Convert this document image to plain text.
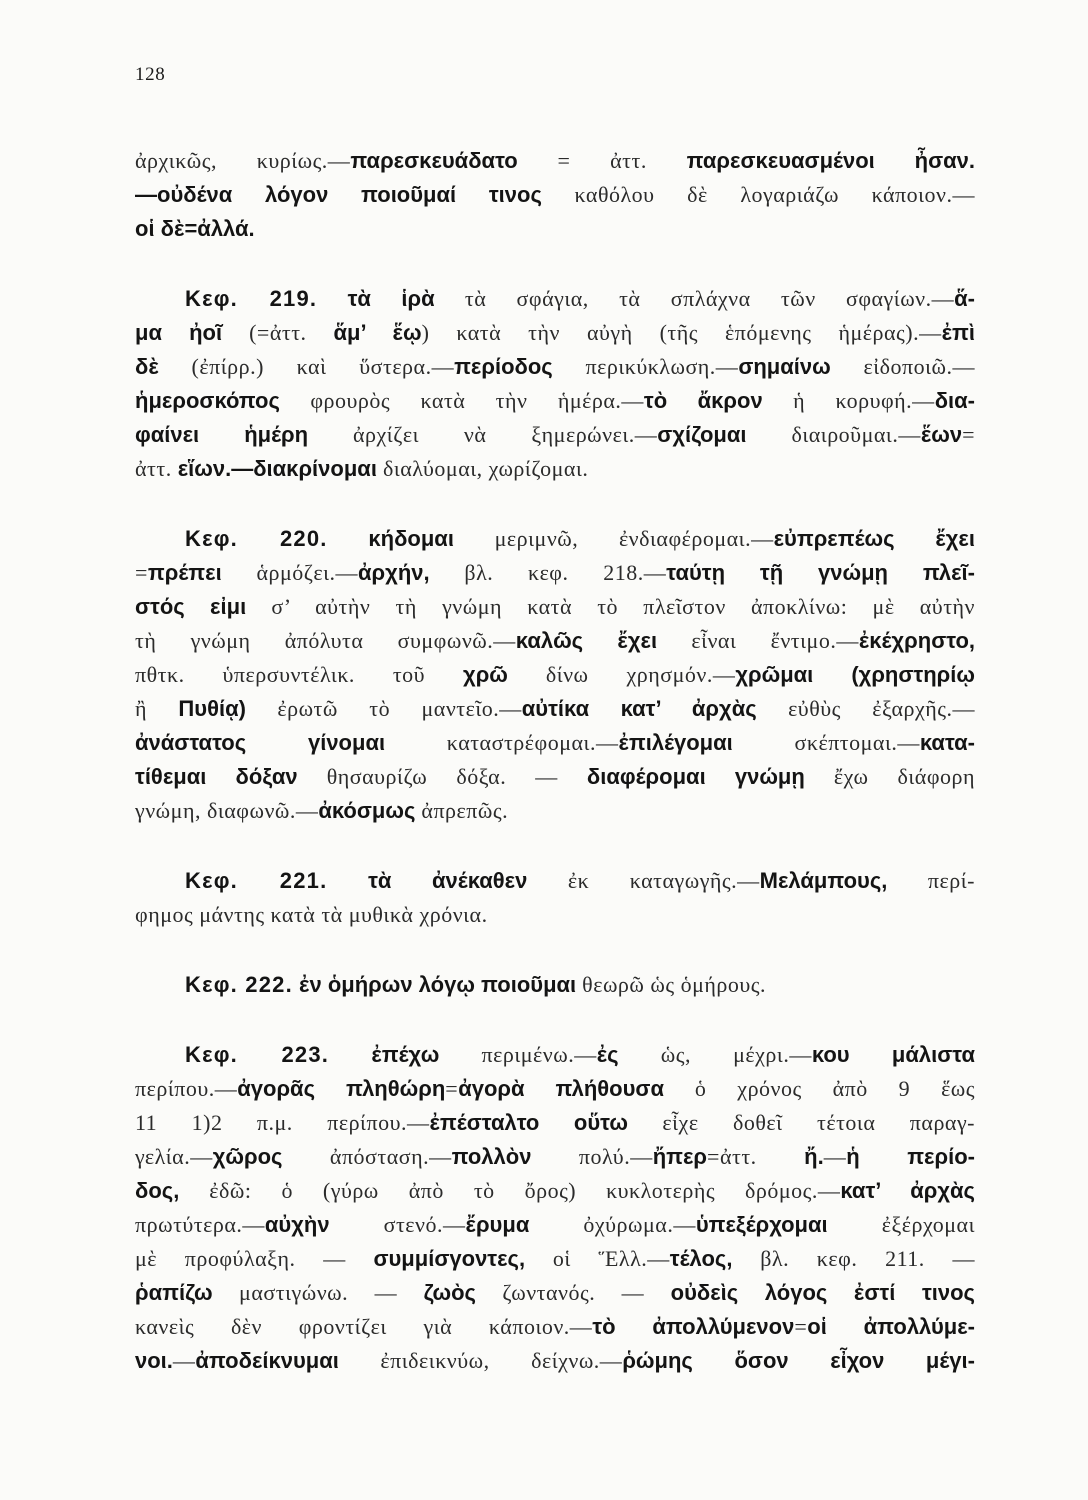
128
ἀρχικῶς, κυρίως.—παρεσκευάδατο = ἀττ. παρεσκευασμένοι ἦσαν.
—οὐδένα λόγον ποιοῦμαί τινος καθόλου δὲ λογαριάζω κάποιον.—
οἱ δὲ=ἀλλά.
Κεφ. 219. τὰ ἱρὰ τὰ σφάγια, τὰ σπλάχνα τῶν σφαγίων.—ἅ-
μα ἠοῖ (=ἀττ. ἅμ’ ἕῳ) κατὰ τὴν αὐγὴ (τῆς ἑπόμενης ἡμέρας).—ἐπὶ
δὲ (ἐπίρρ.) καὶ ὕστερα.—περίοδος περικύκλωση.—σημαίνω εἰδοποιῶ.—
ἡμεροσκόπος φρουρὸς κατὰ τὴν ἡμέρα.—τὸ ἄκρον ἡ κορυφή.—δια-
φαίνει ἡμέρη ἀρχίζει νὰ ξημερώνει.—σχίζομαι διαιροῦμαι.—ἕων=
ἀττ. εἵων.—διακρίνομαι διαλύομαι, χωρίζομαι.
Κεφ. 220. κήδομαι μεριμνῶ, ἐνδιαφέρομαι.—εὐπρεπέως ἔχει
=πρέπει ἁρμόζει.—ἀρχήν, βλ. κεφ. 218.—ταύτῃ τῇ γνώμῃ πλεῖ-
στός εἰμι σ’ αὐτὴν τὴ γνώμη κατὰ τὸ πλεῖστον ἀποκλίνω: μὲ αὐτὴν
τὴ γνώμη ἀπόλυτα συμφωνῶ.—καλῶς ἔχει εἶναι ἔντιμο.—ἐκέχρηστο,
πθτκ. ὑπερσυντέλικ. τοῦ χρῶ δίνω χρησμόν.—χρῶμαι (χρηστηρίῳ
ἢ Πυθίᾳ) ἐρωτῶ τὸ μαντεῖο.—αὐτίκα κατ’ ἀρχὰς εὐθὺς ἐξαρχῆς.—
ἀνάστατος γίνομαι καταστρέφομαι.—ἐπιλέγομαι σκέπτομαι.—κατα-
τίθεμαι δόξαν θησαυρίζω δόξα. — διαφέρομαι γνώμῃ ἔχω διάφορη
γνώμη, διαφωνῶ.—ἀκόσμως ἀπρεπῶς.
Κεφ. 221. τὰ ἀνέκαθεν ἐκ καταγωγῆς.—Μελάμπους, περί-
φημος μάντης κατὰ τὰ μυθικὰ χρόνια.
Κεφ. 222. ἐν ὁμήρων λόγῳ ποιοῦμαι θεωρῶ ὡς ὁμήρους.
Κεφ. 223. ἐπέχω περιμένω.—ἐς ὡς, μέχρι.—κου μάλιστα
περίπου.—ἀγορᾶς πληθώρη=ἀγορὰ πλήθουσα ὁ χρόνος ἀπὸ 9 ἕως
11 1)2 π.μ. περίπου.—ἐπέσταλτο οὕτω εἶχε δοθεῖ τέτοια παραγ-
γελία.—χῶρος ἀπόσταση.—πολλὸν πολύ.—ἤπερ=ἀττ. ἤ.—ἡ περίο-
δος, ἐδῶ: ὁ (γύρω ἀπὸ τὸ ὄρος) κυκλοτερὴς δρόμος.—κατ’ ἀρχὰς
πρωτύτερα.—αὐχὴν στενό.—ἔρυμα ὀχύρωμα.—ὑπεξέρχομαι ἐξέρχομαι
μὲ προφύλαξη. — συμμίσγοντες, οἱ Ἕλλ.—τέλος, βλ. κεφ. 211. —
ῥαπίζω μαστιγώνω. — ζωὸς ζωντανός. — οὐδεὶς λόγος ἐστί τινος
κανεὶς δὲν φροντίζει γιὰ κάποιον.—τὸ ἀπολλύμενον=οἱ ἀπολλύμε-
νοι.—ἀποδείκνυμαι ἐπιδεικνύω, δείχνω.—ῥώμης ὅσον εἶχον μέγι-
